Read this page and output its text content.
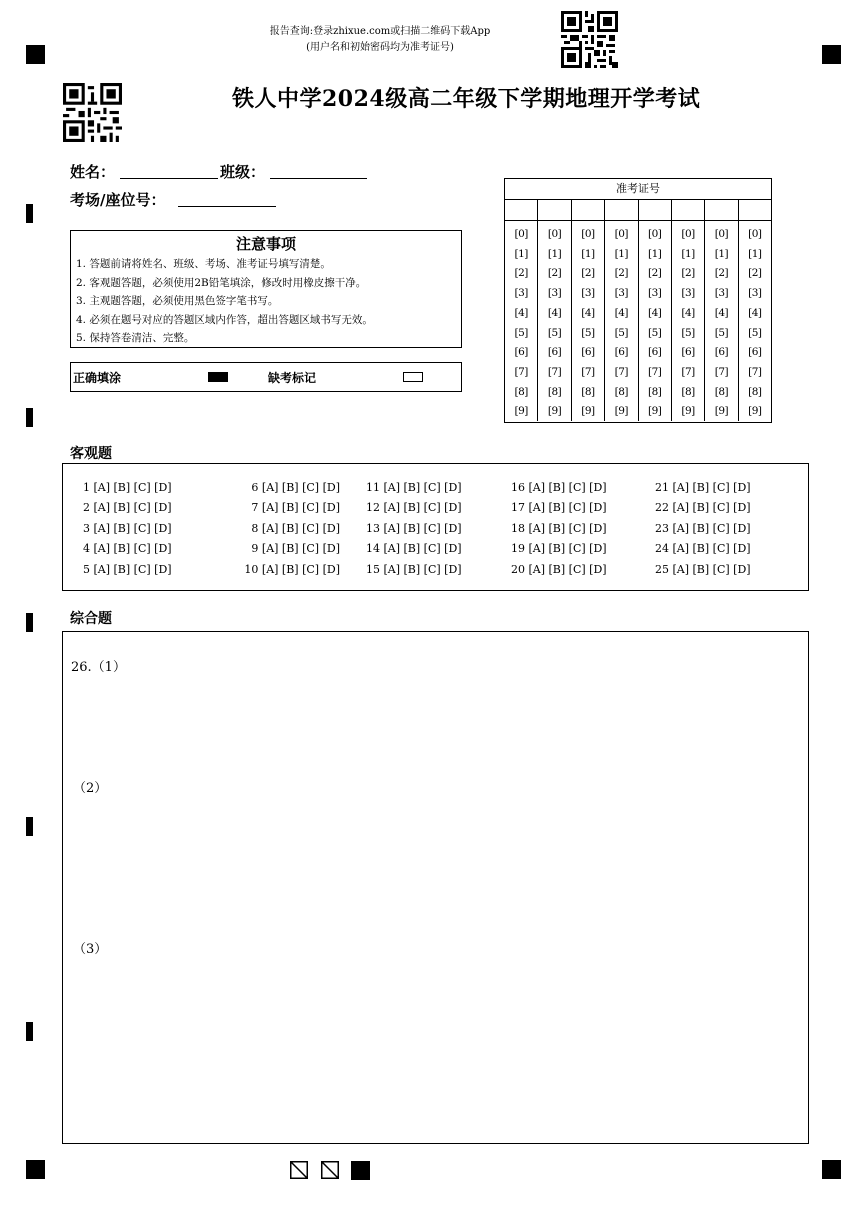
报告查询:登录zhixue.com或扫描二维码下载App
(用户名和初始密码均为准考证号)
铁人中学2024级高二年级下学期地理开学考试
姓名：	班级：
考场/座位号：
注意事项
1. 答题前请将姓名、班级、考场、准考证号填写清楚。
2. 客观题答题，必须使用2B铅笔填涂，修改时用橡皮擦干净。
3. 主观题答题，必须使用黑色签字笔书写。
4. 必须在题号对应的答题区域内作答，超出答题区域书写无效。
5. 保持答卷清洁、完整。
正确填涂	缺考标记
准考证号
[0]
[1]
[2]
[3]
[4]
[5]
[6]
[7]
[8]
[9]
[0]
[1]
[2]
[3]
[4]
[5]
[6]
[7]
[8]
[9]
[0]
[1]
[2]
[3]
[4]
[5]
[6]
[7]
[8]
[9]
[0]
[1]
[2]
[3]
[4]
[5]
[6]
[7]
[8]
[9]
[0]
[1]
[2]
[3]
[4]
[5]
[6]
[7]
[8]
[9]
[0]
[1]
[2]
[3]
[4]
[5]
[6]
[7]
[8]
[9]
[0]
[1]
[2]
[3]
[4]
[5]
[6]
[7]
[8]
[9]
[0]
[1]
[2]
[3]
[4]
[5]
[6]
[7]
[8]
[9]
客观题
1 [A] [B] [C] [D]
2 [A] [B] [C] [D]
3 [A] [B] [C] [D]
4 [A] [B] [C] [D]
5 [A] [B] [C] [D]
6 [A] [B] [C] [D]
7 [A] [B] [C] [D]
8 [A] [B] [C] [D]
9 [A] [B] [C] [D]
10 [A] [B] [C] [D]
11 [A] [B] [C] [D]
12 [A] [B] [C] [D]
13 [A] [B] [C] [D]
14 [A] [B] [C] [D]
15 [A] [B] [C] [D]
16 [A] [B] [C] [D]
17 [A] [B] [C] [D]
18 [A] [B] [C] [D]
19 [A] [B] [C] [D]
20 [A] [B] [C] [D]
21 [A] [B] [C] [D]
22 [A] [B] [C] [D]
23 [A] [B] [C] [D]
24 [A] [B] [C] [D]
25 [A] [B] [C] [D]
综合题
26.（1）
（2）
（3）
